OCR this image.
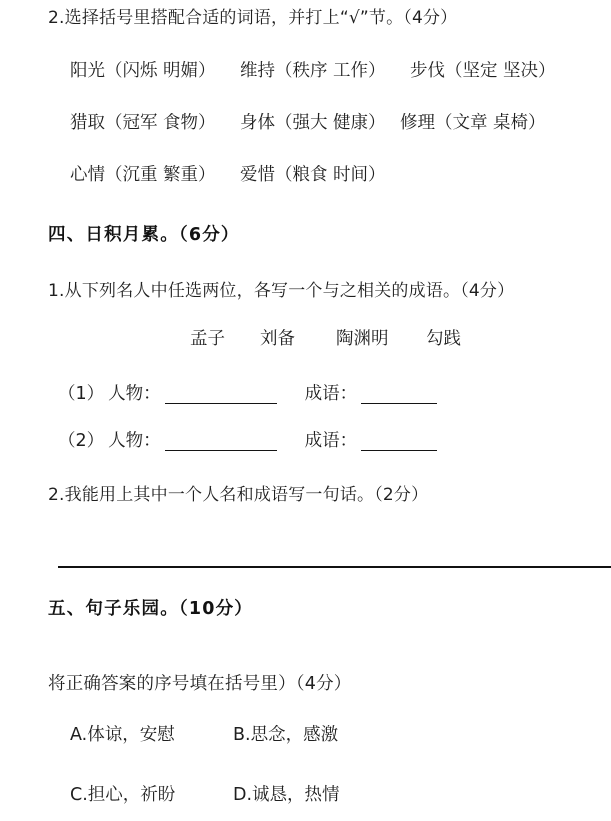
2.选择括号里搭配合适的词语，并打上“√”节。（4分）
阳光（闪烁 明媚）	维持（秩序 工作）	步伐（坚定 坚决）
猎取（冠军 食物）	身体（强大 健康） 修理（文章 桌椅）
心情（沉重 繁重）	爱惜（粮食 时间）
四、日积月累。（6分）
1.从下列名人中任选两位，各写一个与之相关的成语。（4分）
孟子	刘备	陶渊明	勾践
（1） 人物：	成语：
（2） 人物：	成语：
2.我能用上其中一个人名和成语写一句话。（2分）
五、句子乐园。（10分）
将正确答案的序号填在括号里）（4分）
A.体谅，安慰	B.思念，感激
C.担心，祈盼	D.诚恳，热情
